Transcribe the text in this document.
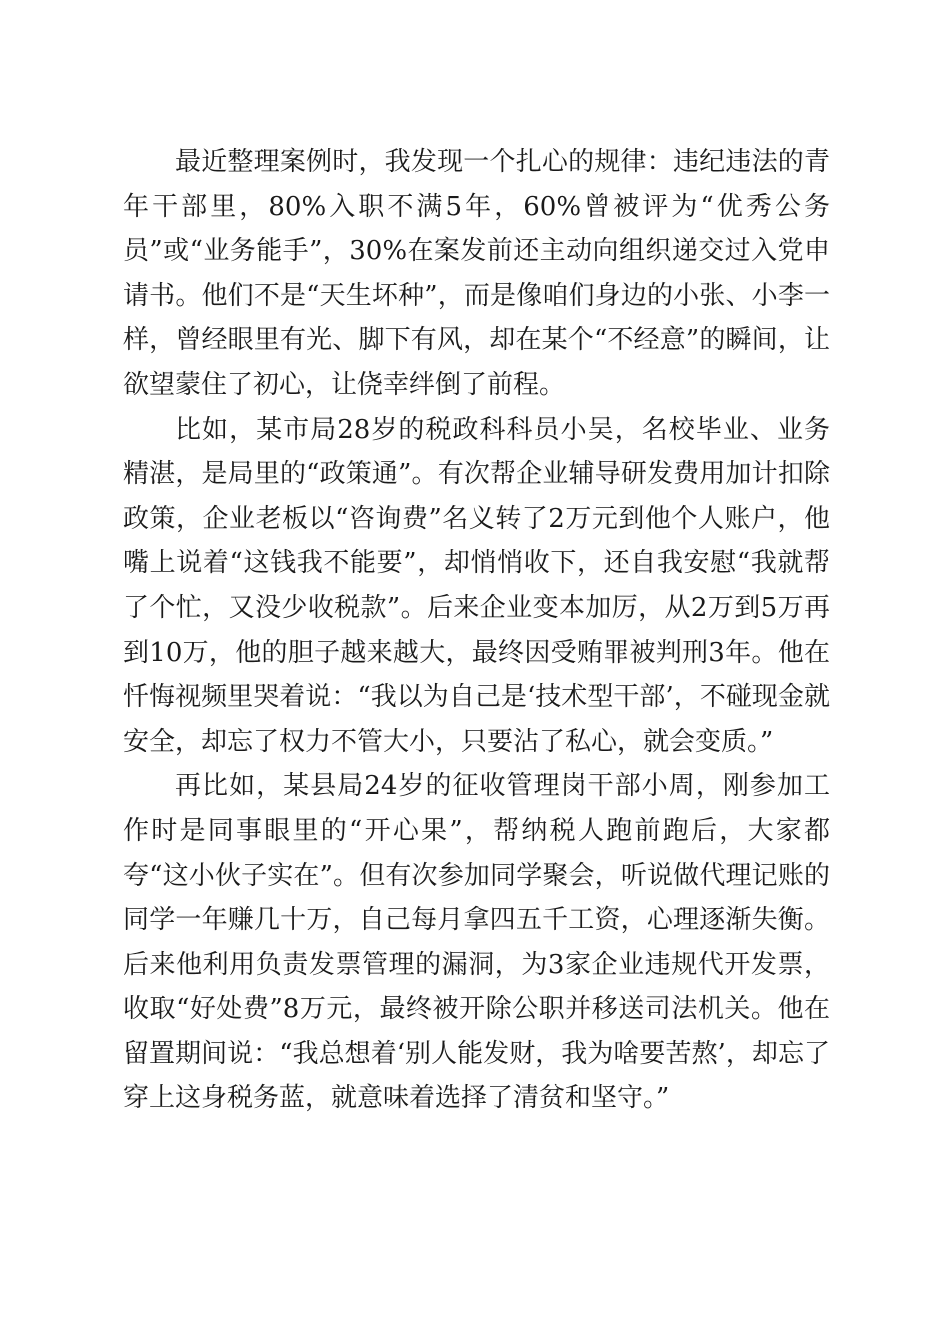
最近整理案例时，我发现一个扎心的规律：违纪违法的青年干部里，80%入职不满5年，60%曾被评为“优秀公务员”或“业务能手”，30%在案发前还主动向组织递交过入党申请书。他们不是“天生坏种”，而是像咱们身边的小张、小李一样，曾经眼里有光、脚下有风，却在某个“不经意”的瞬间，让欲望蒙住了初心，让侥幸绊倒了前程。

比如，某市局28岁的税政科科员小吴，名校毕业、业务精湛，是局里的“政策通”。有次帮企业辅导研发费用加计扣除政策，企业老板以“咨询费”名义转了2万元到他个人账户，他嘴上说着“这钱我不能要”，却悄悄收下，还自我安慰“我就帮了个忙，又没少收税款”。后来企业变本加厉，从2万到5万再到10万，他的胆子越来越大，最终因受贿罪被判刑3年。他在忏悔视频里哭着说：“我以为自己是‘技术型干部’，不碰现金就安全，却忘了权力不管大小，只要沾了私心，就会变质。”

再比如，某县局24岁的征收管理岗干部小周，刚参加工作时是同事眼里的“开心果”，帮纳税人跑前跑后，大家都夸“这小伙子实在”。但有次参加同学聚会，听说做代理记账的同学一年赚几十万，自己每月拿四五千工资，心理逐渐失衡。后来他利用负责发票管理的漏洞，为3家企业违规代开发票，收取“好处费”8万元，最终被开除公职并移送司法机关。他在留置期间说：“我总想着‘别人能发财，我为啥要苦熬’，却忘了穿上这身税务蓝，就意味着选择了清贫和坚守。”
